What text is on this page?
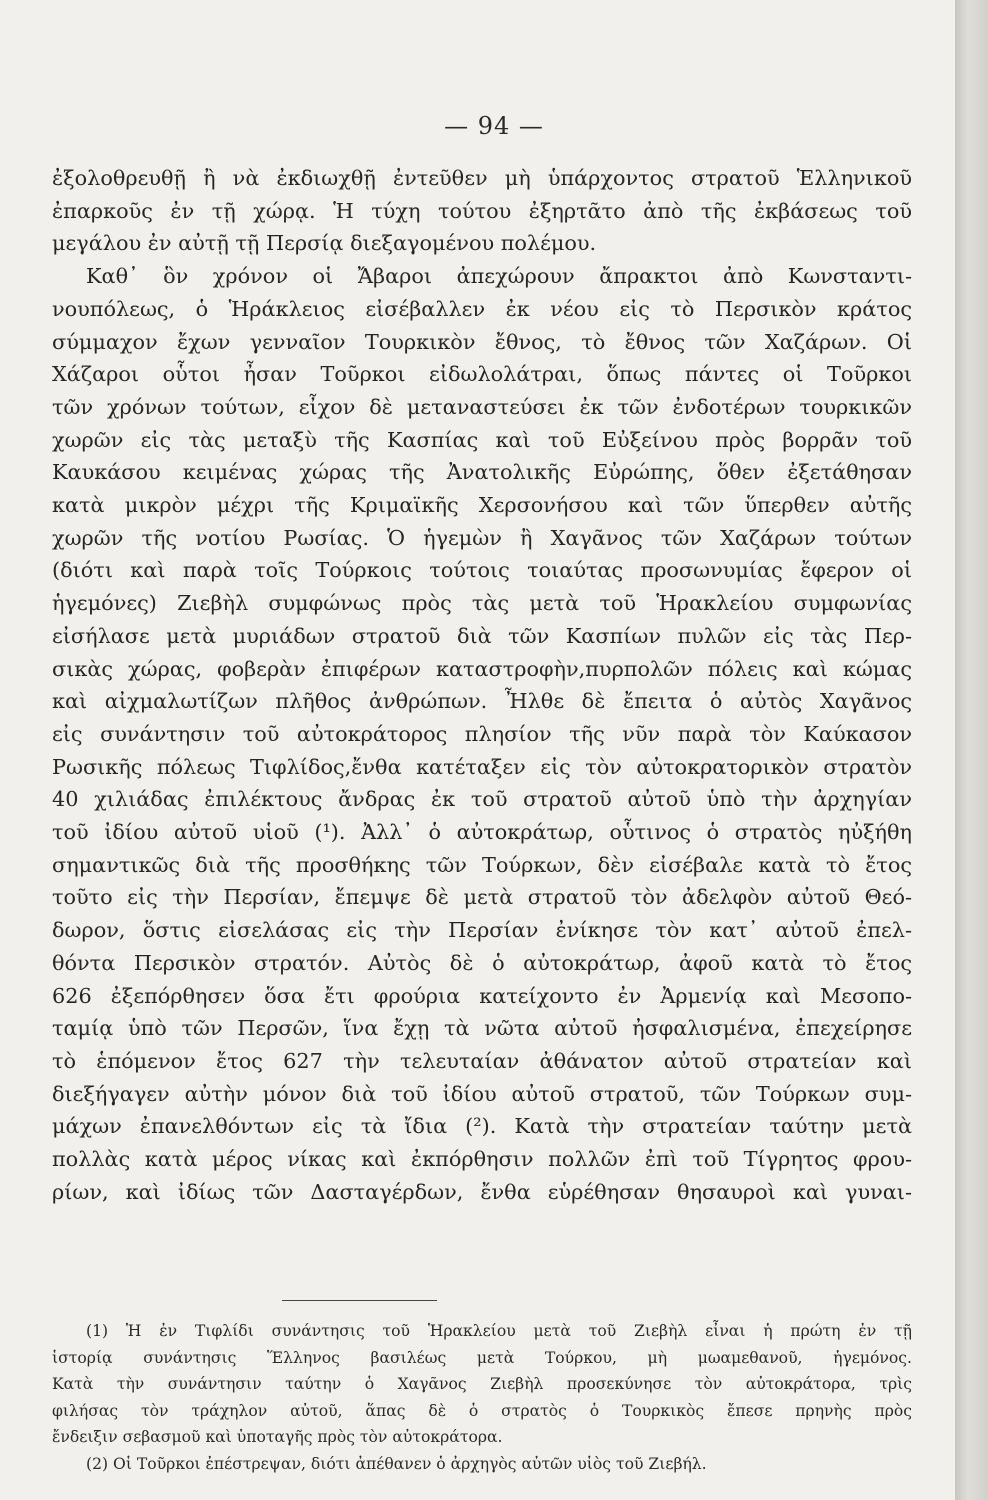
— 94 —
ἐξολοθρευθῇ ἢ νὰ ἐκδιωχθῇ ἐντεῦθεν μὴ ὑπάρχοντος στρατοῦ Ἑλληνικοῦ
ἐπαρκοῦς ἐν τῇ χώρᾳ. Ἡ τύχη τούτου ἐξηρτᾶτο ἀπὸ τῆς ἐκβάσεως τοῦ
μεγάλου ἐν αὐτῇ τῇ Περσίᾳ διεξαγομένου πολέμου.
Καθ᾽ ὃν χρόνον οἱ Ἄβαροι ἀπεχώρουν ἄπρακτοι ἀπὸ Κωνσταντι-
νουπόλεως, ὁ Ἡράκλειος εἰσέβαλλεν ἐκ νέου εἰς τὸ Περσικὸν κράτος
σύμμαχον ἔχων γενναῖον Τουρκικὸν ἔθνος, τὸ ἔθνος τῶν Χαζάρων. Οἱ
Χάζαροι οὗτοι ἦσαν Τοῦρκοι εἰδωλολάτραι, ὅπως πάντες οἱ Τοῦρκοι
τῶν χρόνων τούτων, εἶχον δὲ μεταναστεύσει ἐκ τῶν ἐνδοτέρων τουρκικῶν
χωρῶν εἰς τὰς μεταξὺ τῆς Κασπίας καὶ τοῦ Εὐξείνου πρὸς βορρᾶν τοῦ
Καυκάσου κειμένας χώρας τῆς Ἀνατολικῆς Εὐρώπης, ὅθεν ἐξετάθησαν
κατὰ μικρὸν μέχρι τῆς Κριμαϊκῆς Χερσονήσου καὶ τῶν ὕπερθεν αὐτῆς
χωρῶν τῆς νοτίου Ρωσίας. Ὁ ἡγεμὼν ἢ Χαγᾶνος τῶν Χαζάρων τούτων
(διότι καὶ παρὰ τοῖς Τούρκοις τούτοις τοιαύτας προσωνυμίας ἔφερον οἱ
ἡγεμόνες) Ζιεβὴλ συμφώνως πρὸς τὰς μετὰ τοῦ Ἡρακλείου συμφωνίας
εἰσήλασε μετὰ μυριάδων στρατοῦ διὰ τῶν Κασπίων πυλῶν εἰς τὰς Περ-
σικὰς χώρας, φοβερὰν ἐπιφέρων καταστροφὴν,πυρπολῶν πόλεις καὶ κώμας
καὶ αἰχμαλωτίζων πλῆθος ἀνθρώπων. Ἦλθε δὲ ἔπειτα ὁ αὐτὸς Χαγᾶνος
εἰς συνάντησιν τοῦ αὐτοκράτορος πλησίον τῆς νῦν παρὰ τὸν Καύκασον
Ρωσικῆς πόλεως Τιφλίδος,ἔνθα κατέταξεν εἰς τὸν αὐτοκρατορικὸν στρατὸν
40 χιλιάδας ἐπιλέκτους ἄνδρας ἐκ τοῦ στρατοῦ αὐτοῦ ὑπὸ τὴν ἀρχηγίαν
τοῦ ἰδίου αὐτοῦ υἱοῦ (¹). Ἀλλ᾽ ὁ αὐτοκράτωρ, οὗτινος ὁ στρατὸς ηὐξήθη
σημαντικῶς διὰ τῆς προσθήκης τῶν Τούρκων, δὲν εἰσέβαλε κατὰ τὸ ἔτος
τοῦτο εἰς τὴν Περσίαν, ἔπεμψε δὲ μετὰ στρατοῦ τὸν ἀδελφὸν αὐτοῦ Θεό-
δωρον, ὅστις εἰσελάσας εἰς τὴν Περσίαν ἐνίκησε τὸν κατ᾽ αὐτοῦ ἐπελ-
θόντα Περσικὸν στρατόν. Αὐτὸς δὲ ὁ αὐτοκράτωρ, ἀφοῦ κατὰ τὸ ἔτος
626 ἐξεπόρθησεν ὅσα ἔτι φρούρια κατείχοντο ἐν Ἀρμενίᾳ καὶ Μεσοπο-
ταμίᾳ ὑπὸ τῶν Περσῶν, ἵνα ἔχῃ τὰ νῶτα αὐτοῦ ἠσφαλισμένα, ἐπεχείρησε
τὸ ἑπόμενον ἔτος 627 τὴν τελευταίαν ἀθάνατον αὐτοῦ στρατείαν καὶ
διεξήγαγεν αὐτὴν μόνον διὰ τοῦ ἰδίου αὐτοῦ στρατοῦ, τῶν Τούρκων συμ-
μάχων ἐπανελθόντων εἰς τὰ ἴδια (²). Κατὰ τὴν στρατείαν ταύτην μετὰ
πολλὰς κατὰ μέρος νίκας καὶ ἐκπόρθησιν πολλῶν ἐπὶ τοῦ Τίγρητος φρου-
ρίων, καὶ ἰδίως τῶν Δασταγέρδων, ἔνθα εὑρέθησαν θησαυροὶ καὶ γυναι-
(1) Ἡ ἐν Τιφλίδι συνάντησις τοῦ Ἡρακλείου μετὰ τοῦ Ζιεβὴλ εἶναι ἡ πρώτη ἐν τῇ
ἱστορίᾳ συνάντησις Ἕλληνος βασιλέως μετὰ Τούρκου, μὴ μωαμεθανοῦ, ἡγεμόνος.
Κατὰ τὴν συνάντησιν ταύτην ὁ Χαγᾶνος Ζιεβὴλ προσεκύνησε τὸν αὐτοκράτορα, τρὶς
φιλήσας τὸν τράχηλον αὐτοῦ, ἅπας δὲ ὁ στρατὸς ὁ Τουρκικὸς ἔπεσε πρηνὴς πρὸς
ἔνδειξιν σεβασμοῦ καὶ ὑποταγῆς πρὸς τὸν αὐτοκράτορα.
(2) Οἱ Τοῦρκοι ἐπέστρεψαν, διότι ἀπέθανεν ὁ ἀρχηγὸς αὐτῶν υἱὸς τοῦ Ζιεβήλ.
